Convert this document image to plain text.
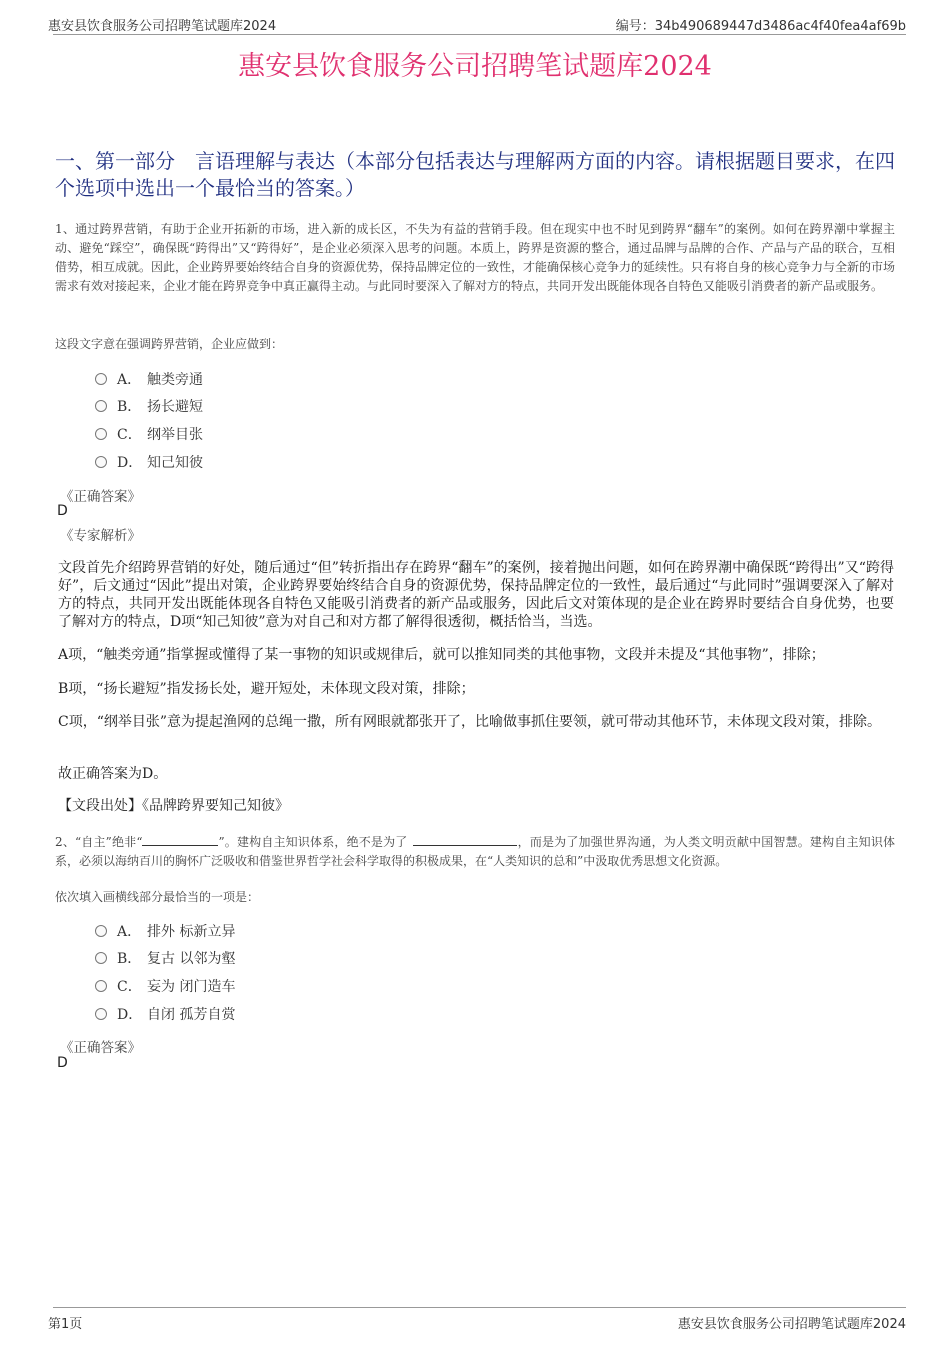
惠安县饮食服务公司招聘笔试题库2024	编号：34b490689447d3486ac4f40fea4af69b
惠安县饮食服务公司招聘笔试题库2024
一、第一部分　言语理解与表达（本部分包括表达与理解两方面的内容。请根据题目要求，在四个选项中选出一个最恰当的答案。）
1、通过跨界营销，有助于企业开拓新的市场，进入新的成长区，不失为有益的营销手段。但在现实中也不时见到跨界“翻车”的案例。如何在跨界潮中掌握主动、避免“踩空”，确保既“跨得出”又“跨得好”，是企业必须深入思考的问题。本质上，跨界是资源的整合，通过品牌与品牌的合作、产品与产品的联合，互相借势，相互成就。因此，企业跨界要始终结合自身的资源优势，保持品牌定位的一致性，才能确保核心竞争力的延续性。只有将自身的核心竞争力与全新的市场需求有效对接起来，企业才能在跨界竞争中真正赢得主动。与此同时要深入了解对方的特点，共同开发出既能体现各自特色又能吸引消费者的新产品或服务。
这段文字意在强调跨界营销，企业应做到：
A． 触类旁通
B． 扬长避短
C． 纲举目张
D． 知己知彼
《正确答案》
D
《专家解析》
文段首先介绍跨界营销的好处，随后通过“但”转折指出存在跨界“翻车”的案例，接着抛出问题，如何在跨界潮中确保既“跨得出”又“跨得好”，后文通过“因此”提出对策，企业跨界要始终结合自身的资源优势，保持品牌定位的一致性，最后通过“与此同时”强调要深入了解对方的特点，共同开发出既能体现各自特色又能吸引消费者的新产品或服务，因此后文对策体现的是企业在跨界时要结合自身优势，也要了解对方的特点，D项“知己知彼”意为对自己和对方都了解得很透彻，概括恰当，当选。
A项，“触类旁通”指掌握或懂得了某一事物的知识或规律后，就可以推知同类的其他事物，文段并未提及“其他事物”，排除；
B项，“扬长避短”指发扬长处，避开短处，未体现文段对策，排除；
C项，“纲举目张”意为提起渔网的总绳一撒，所有网眼就都张开了，比喻做事抓住要领，就可带动其他环节，未体现文段对策，排除。
故正确答案为D。
【文段出处】《品牌跨界要知己知彼》
2、“自主”绝非“	”。建构自主知识体系，绝不是为了	，而是为了加强世界沟通，为人类文明贡献中国智慧。建构自主知识体系，必须以海纳百川的胸怀广泛吸收和借鉴世界哲学社会科学取得的积极成果，在“人类知识的总和”中汲取优秀思想文化资源。
依次填入画横线部分最恰当的一项是：
A． 排外 标新立异
B． 复古 以邻为壑
C． 妄为 闭门造车
D． 自闭 孤芳自赏
《正确答案》
D
第1页	惠安县饮食服务公司招聘笔试题库2024
